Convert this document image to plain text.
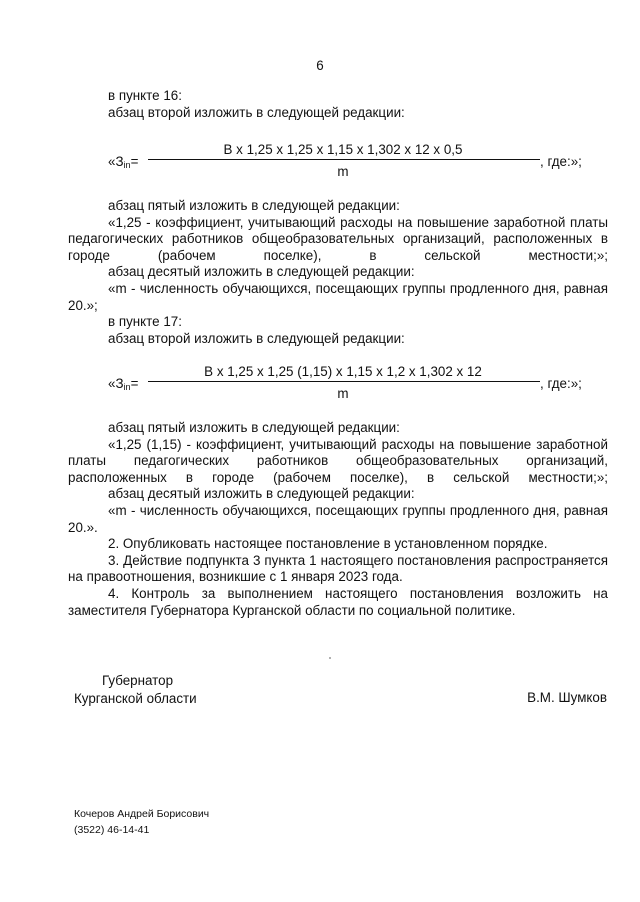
6

в пункте 16:

абзац второй изложить в следующей редакции:

«$З_{in}=$
В х 1,25 х 1,25 х 1,15 х 1,302 х 12 х 0,5
m
, где:»;

абзац пятый изложить в следующей редакции:

«1,25 - коэффициент, учитывающий расходы на повышение заработной платы педагогических работников общеобразовательных организаций, расположенных в городе (рабочем поселке), в сельской местности;»;

абзац десятый изложить в следующей редакции:

«m - численность обучающихся, посещающих группы продленного дня, равная 20.»;

в пункте 17:

абзац второй изложить в следующей редакции:

«$З_{in}=$
В х 1,25 х 1,25 (1,15) х 1,15 х 1,2 х 1,302 х 12
m
, где:»;

абзац пятый изложить в следующей редакции:

«1,25 (1,15) - коэффициент, учитывающий расходы на повышение заработной платы педагогических работников общеобразовательных организаций, расположенных в городе (рабочем поселке), в сельской местности;»;

абзац десятый изложить в следующей редакции:

«m - численность обучающихся, посещающих группы продленного дня, равная 20.».

2. Опубликовать настоящее постановление в установленном порядке.

3. Действие подпункта 3 пункта 1 настоящего постановления распространяется на правоотношения, возникшие с 1 января 2023 года.

4. Контроль за выполнением настоящего постановления возложить на заместителя Губернатора Курганской области по социальной политике.

Губернатор
Курганской области	В.М. Шумков
Кочеров Андрей Борисович
(3522) 46-14-41
